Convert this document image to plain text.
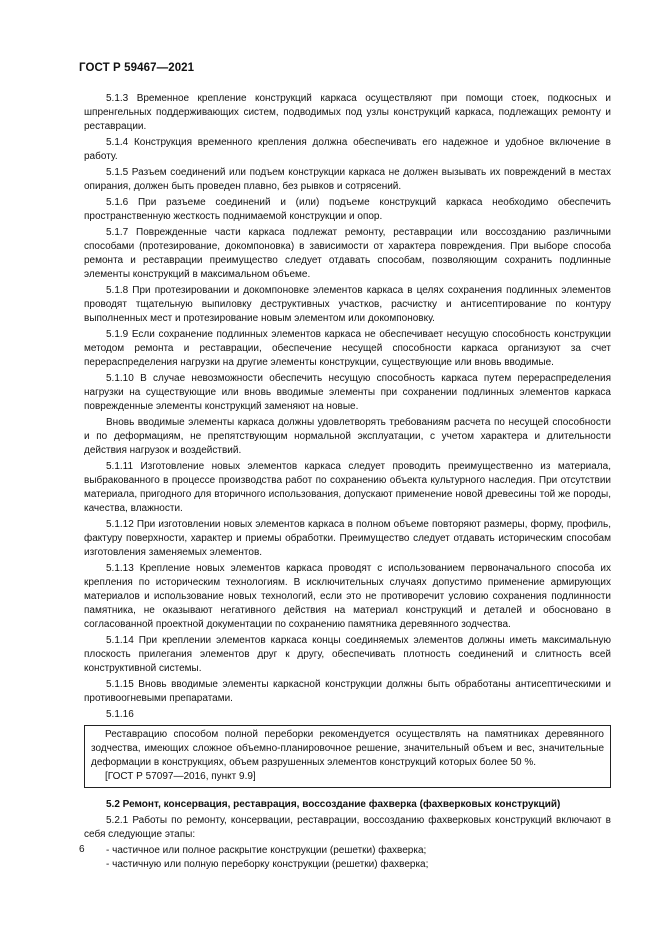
ГОСТ Р 59467—2021

5.1.3 Временное крепление конструкций каркаса осуществляют при помощи стоек, подкосных и шпренгельных поддерживающих систем, подводимых под узлы конструкций каркаса, подлежащих ремонту и реставрации.

5.1.4 Конструкция временного крепления должна обеспечивать его надежное и удобное включение в работу.

5.1.5 Разъем соединений или подъем конструкции каркаса не должен вызывать их повреждений в местах опирания, должен быть проведен плавно, без рывков и сотрясений.

5.1.6 При разъеме соединений и (или) подъеме конструкций каркаса необходимо обеспечить пространственную жесткость поднимаемой конструкции и опор.

5.1.7 Поврежденные части каркаса подлежат ремонту, реставрации или воссозданию различными способами (протезирование, докомпоновка) в зависимости от характера повреждения. При выборе способа ремонта и реставрации преимущество следует отдавать способам, позволяющим сохранить подлинные элементы конструкций в максимальном объеме.

5.1.8 При протезировании и докомпоновке элементов каркаса в целях сохранения подлинных элементов проводят тщательную выпиловку деструктивных участков, расчистку и антисептирование по контуру выполненных мест и протезирование новым элементом или докомпоновку.

5.1.9 Если сохранение подлинных элементов каркаса не обеспечивает несущую способность конструкции методом ремонта и реставрации, обеспечение несущей способности каркаса организуют за счет перераспределения нагрузки на другие элементы конструкции, существующие или вновь вводимые.

5.1.10 В случае невозможности обеспечить несущую способность каркаса путем перераспределения нагрузки на существующие или вновь вводимые элементы при сохранении подлинных элементов каркаса поврежденные элементы конструкций заменяют на новые.

Вновь вводимые элементы каркаса должны удовлетворять требованиям расчета по несущей способности и по деформациям, не препятствующим нормальной эксплуатации, с учетом характера и длительности действия нагрузок и воздействий.

5.1.11 Изготовление новых элементов каркаса следует проводить преимущественно из материала, выбракованного в процессе производства работ по сохранению объекта культурного наследия. При отсутствии материала, пригодного для вторичного использования, допускают применение новой древесины той же породы, качества, влажности.

5.1.12 При изготовлении новых элементов каркаса в полном объеме повторяют размеры, форму, профиль, фактуру поверхности, характер и приемы обработки. Преимущество следует отдавать историческим способам изготовления заменяемых элементов.

5.1.13 Крепление новых элементов каркаса проводят с использованием первоначального способа их крепления по историческим технологиям. В исключительных случаях допустимо применение армирующих материалов и использование новых технологий, если это не противоречит условию сохранения подлинности памятника, не оказывают негативного действия на материал конструкций и деталей и обосновано в согласованной проектной документации по сохранению памятника деревянного зодчества.

5.1.14 При креплении элементов каркаса концы соединяемых элементов должны иметь максимальную плоскость прилегания элементов друг к другу, обеспечивать плотность соединений и слитность всей конструктивной системы.

5.1.15 Вновь вводимые элементы каркасной конструкции должны быть обработаны антисептическими и противоогневыми препаратами.

5.1.16

Реставрацию способом полной переборки рекомендуется осуществлять на памятниках деревянного зодчества, имеющих сложное объемно-планировочное решение, значительный объем и вес, значительные деформации в конструкциях, объем разрушенных элементов конструкций которых более 50 %.

[ГОСТ Р 57097—2016, пункт 9.9]

5.2 Ремонт, консервация, реставрация, воссоздание фахверка (фахверковых конструкций)

5.2.1 Работы по ремонту, консервации, реставрации, воссозданию фахверковых конструкций включают в себя следующие этапы:

- частичное или полное раскрытие конструкции (решетки) фахверка;

- частичную или полную переборку конструкции (решетки) фахверка;

6
